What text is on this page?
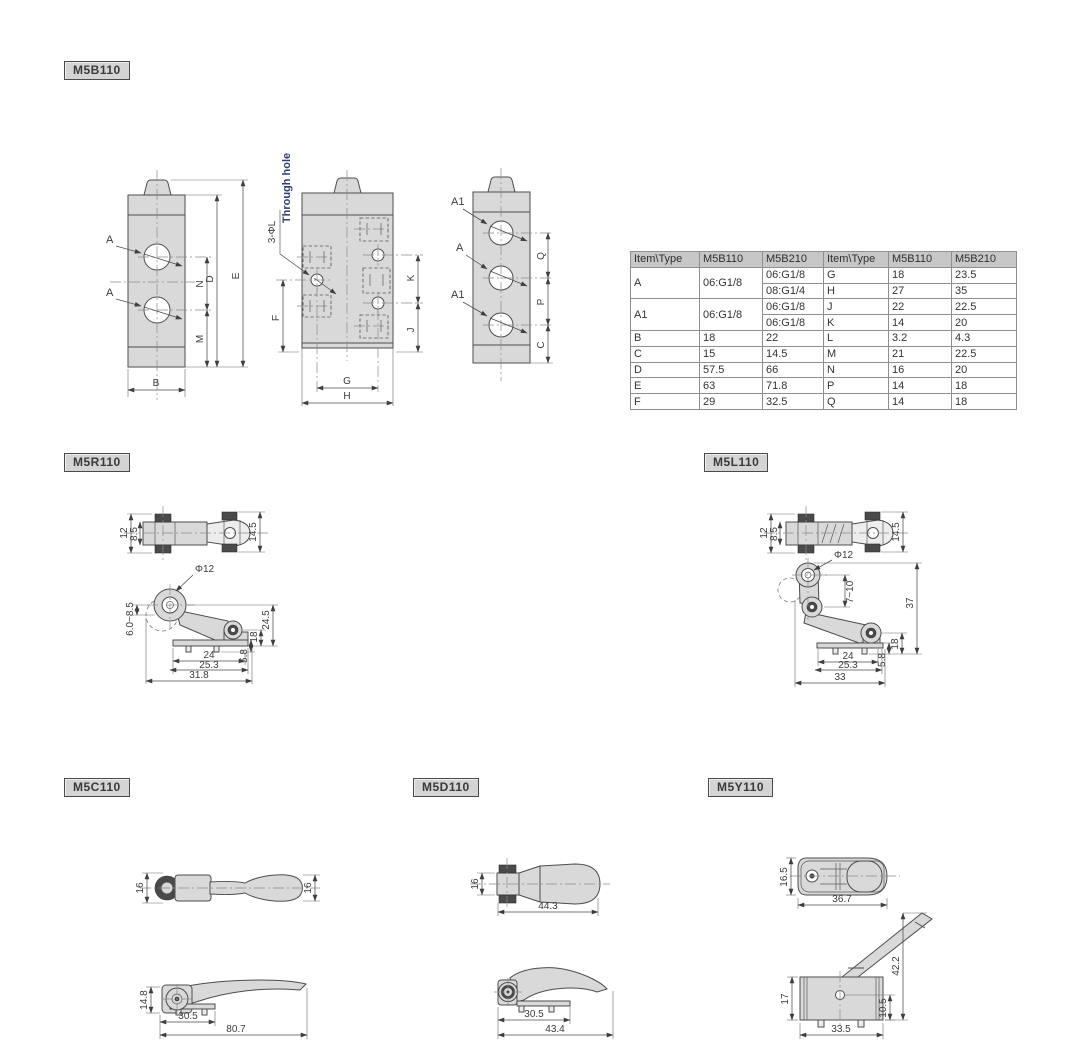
M5B110
M5R110	M5L110
M5C110	M5D110	M5Y110
A
A
N
M
D E
B
Through hole
3-ΦL
F
K
J
G
H
A1
A
A1
Q
P
C
Item\Type	M5B110	M5B210	Item\Type	M5B110	M5B210
A	06:G1/8	06:G1/8	G	18	23.5
		08:G1/4	H	27	35
A1	06:G1/8	06:G1/8	J	22	22.5
		06:G1/8	K	14	20
B	18	22	L	3.2	4.3
C	15	14.5	M	21	22.5
D	57.5	66	N	16	20
E	63	71.8	P	14	18
F	29	32.5	Q	14	18
12 8.5	14.5
Φ12
6.0~8.5	24.5
18
5.8
24
25.3
31.8
12 8.5	14.5
Φ12
7~10	37
18
5.8
24
25.3
33
16	16
14.8
30.5
80.7
16
44.3
30.5
43.4
16.5
36.7
17	10.5
42.2
33.5
